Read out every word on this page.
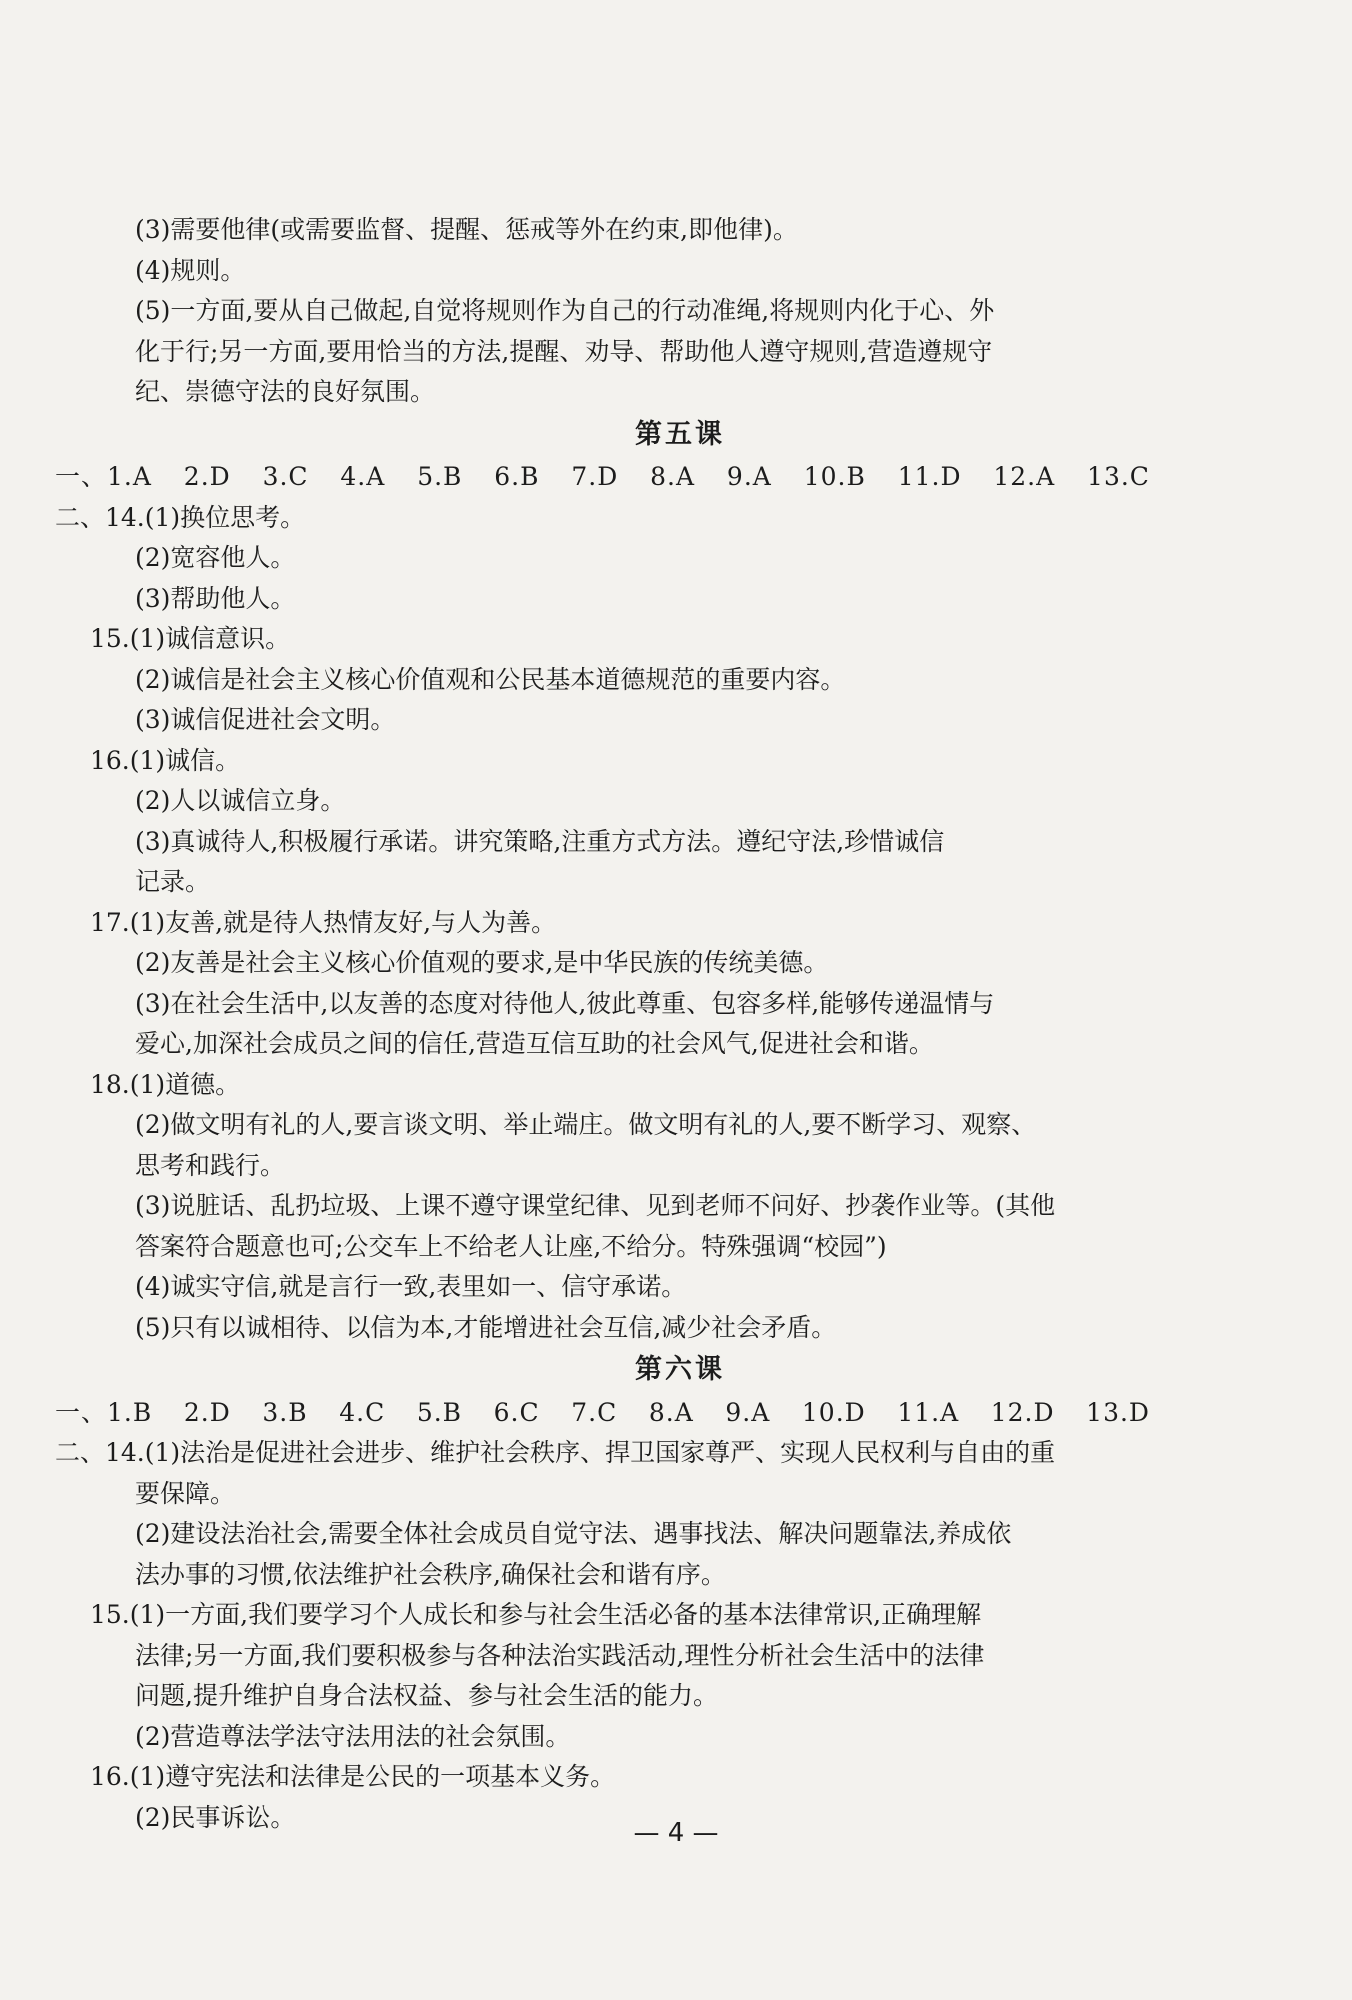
(3)需要他律(或需要监督、提醒、惩戒等外在约束,即他律)。
(4)规则。
(5)一方面,要从自己做起,自觉将规则作为自己的行动准绳,将规则内化于心、外
化于行;另一方面,要用恰当的方法,提醒、劝导、帮助他人遵守规则,营造遵规守
纪、崇德守法的良好氛围。
第五课
一、1.A 2.D 3.C 4.A 5.B 6.B 7.D 8.A 9.A 10.B 11.D 12.A 13.C
二、14.(1)换位思考。
(2)宽容他人。
(3)帮助他人。
15.(1)诚信意识。
(2)诚信是社会主义核心价值观和公民基本道德规范的重要内容。
(3)诚信促进社会文明。
16.(1)诚信。
(2)人以诚信立身。
(3)真诚待人,积极履行承诺。讲究策略,注重方式方法。遵纪守法,珍惜诚信
记录。
17.(1)友善,就是待人热情友好,与人为善。
(2)友善是社会主义核心价值观的要求,是中华民族的传统美德。
(3)在社会生活中,以友善的态度对待他人,彼此尊重、包容多样,能够传递温情与
爱心,加深社会成员之间的信任,营造互信互助的社会风气,促进社会和谐。
18.(1)道德。
(2)做文明有礼的人,要言谈文明、举止端庄。做文明有礼的人,要不断学习、观察、
思考和践行。
(3)说脏话、乱扔垃圾、上课不遵守课堂纪律、见到老师不问好、抄袭作业等。(其他
答案符合题意也可;公交车上不给老人让座,不给分。特殊强调“校园”)
(4)诚实守信,就是言行一致,表里如一、信守承诺。
(5)只有以诚相待、以信为本,才能增进社会互信,减少社会矛盾。
第六课
一、1.B 2.D 3.B 4.C 5.B 6.C 7.C 8.A 9.A 10.D 11.A 12.D 13.D
二、14.(1)法治是促进社会进步、维护社会秩序、捍卫国家尊严、实现人民权利与自由的重
要保障。
(2)建设法治社会,需要全体社会成员自觉守法、遇事找法、解决问题靠法,养成依
法办事的习惯,依法维护社会秩序,确保社会和谐有序。
15.(1)一方面,我们要学习个人成长和参与社会生活必备的基本法律常识,正确理解
法律;另一方面,我们要积极参与各种法治实践活动,理性分析社会生活中的法律
问题,提升维护自身合法权益、参与社会生活的能力。
(2)营造尊法学法守法用法的社会氛围。
16.(1)遵守宪法和法律是公民的一项基本义务。
(2)民事诉讼。
— 4 —
